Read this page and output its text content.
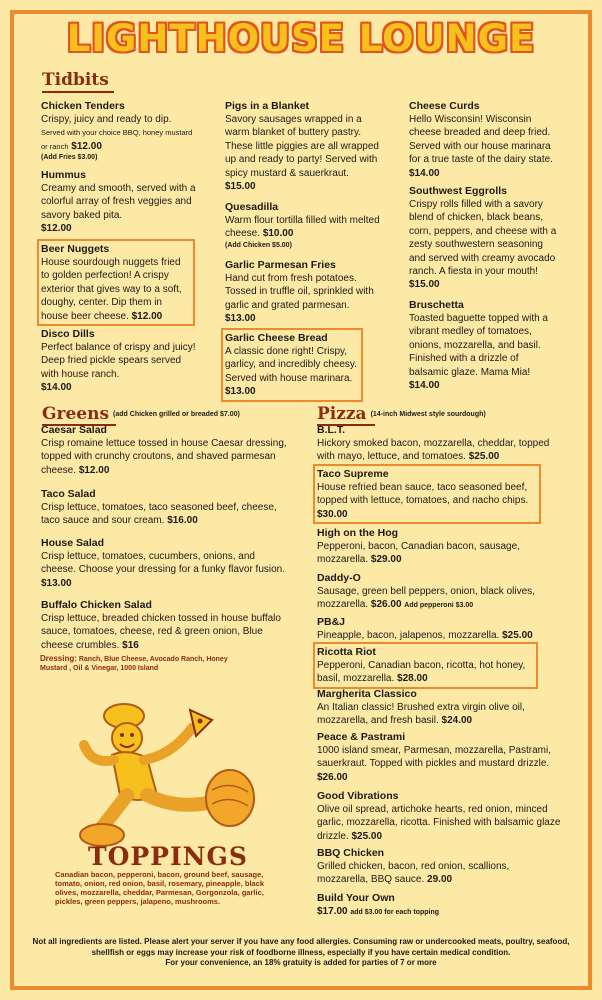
LIGHTHOUSE LOUNGE
Tidbits
Chicken Tenders
Crispy, juicy and ready to dip.
Served with your choice BBQ, honey mustard or ranch $12.00
(Add Fries $3.00)
Hummus
Creamy and smooth, served with a colorful array of fresh veggies and savory baked pita.
$12.00
Beer Nuggets
House sourdough nuggets fried to golden perfection! A crispy exterior that gives way to a soft, doughy, center. Dip them in house beer cheese. $12.00
Disco Dills
Perfect balance of crispy and juicy! Deep fried pickle spears served with house ranch.
$14.00
Pigs in a Blanket
Savory sausages wrapped in a warm blanket of buttery pastry. These little piggies are all wrapped up and ready to party! Served with spicy mustard & sauerkraut. $15.00
Quesadilla
Warm flour tortilla filled with melted cheese. $10.00
(Add Chicken $5.00)
Garlic Parmesan Fries
Hand cut from fresh potatoes. Tossed in truffle oil, sprinkled with garlic and grated parmesan. $13.00
Garlic Cheese Bread
A classic done right! Crispy, garlicy, and incredibly cheesy. Served with house marinara.
$13.00
Cheese Curds
Hello Wisconsin! Wisconsin cheese breaded and deep fried. Served with our house marinara for a true taste of the dairy state. $14.00
Southwest Eggrolls
Crispy rolls filled with a savory blend of chicken, black beans, corn, peppers, and cheese with a zesty southwestern seasoning and served with creamy avocado ranch. A fiesta in your mouth! $15.00
Bruschetta
Toasted baguette topped with a vibrant medley of tomatoes, onions, mozzarella, and basil. Finished with a drizzle of balsamic glaze. Mama Mia! $14.00
Greens (add Chicken grilled or breaded $7.00)
Caesar Salad
Crisp romaine lettuce tossed in house Caesar dressing, topped with crunchy croutons, and shaved parmesan cheese. $12.00
Taco Salad
Crisp lettuce, tomatoes, taco seasoned beef, cheese, taco sauce and sour cream. $16.00
House Salad
Crisp lettuce, tomatoes, cucumbers, onions, and cheese. Choose your dressing for a funky flavor fusion. $13.00
Buffalo Chicken Salad
Crisp lettuce, breaded chicken tossed in house buffalo sauce, tomatoes, cheese, red & green onion, Blue cheese crumbles. $16
Dressing: Ranch, Blue Cheese, Avocado Ranch, Honey Mustard , Oil & Vinegar, 1000 Island
TOPPINGS
Canadian bacon, pepperoni, bacon, ground beef, sausage, tomato, onion, red onion, basil, rosemary, pineapple, black olives, mozzarella, cheddar, Parmesan, Gorgonzola, garlic, pickles, green peppers, jalapeno, mushrooms.
Pizza (14-inch Midwest style sourdough)
B.L.T.
Hickory smoked bacon, mozzarella, cheddar, topped with mayo, lettuce, and tomatoes. $25.00
Taco Supreme
House refried bean sauce, taco seasoned beef, topped with lettuce, tomatoes, and nacho chips. $30.00
High on the Hog
Pepperoni, bacon, Canadian bacon, sausage, mozzarella. $29.00
Daddy-O
Sausage, green bell peppers, onion, black olives, mozzarella. $26.00 Add pepperoni $3.00
PB&J
Pineapple, bacon, jalapenos, mozzarella. $25.00
Ricotta Riot
Pepperoni, Canadian bacon, ricotta, hot honey, basil, mozzarella. $28.00
Margherita Classico
An Italian classic! Brushed extra virgin olive oil, mozzarella, and fresh basil. $24.00
Peace & Pastrami
1000 island smear, Parmesan, mozzarella, Pastrami, sauerkraut. Topped with pickles and mustard drizzle. $26.00
Good Vibrations
Olive oil spread, artichoke hearts, red onion, minced garlic, mozzarella, ricotta. Finished with balsamic glaze drizzle. $25.00
BBQ Chicken
Grilled chicken, bacon, red onion, scallions, mozzarella, BBQ sauce. 29.00
Build Your Own
$17.00 add $3.00 for each topping
Not all ingredients are listed. Please alert your server if you have any food allergies. Consuming raw or undercooked meats, poultry, seafood, shellfish or eggs may increase your risk of foodborne illness, especially if you have certain medical condition.
For your convenience, an 18% gratuity is added for parties of 7 or more
